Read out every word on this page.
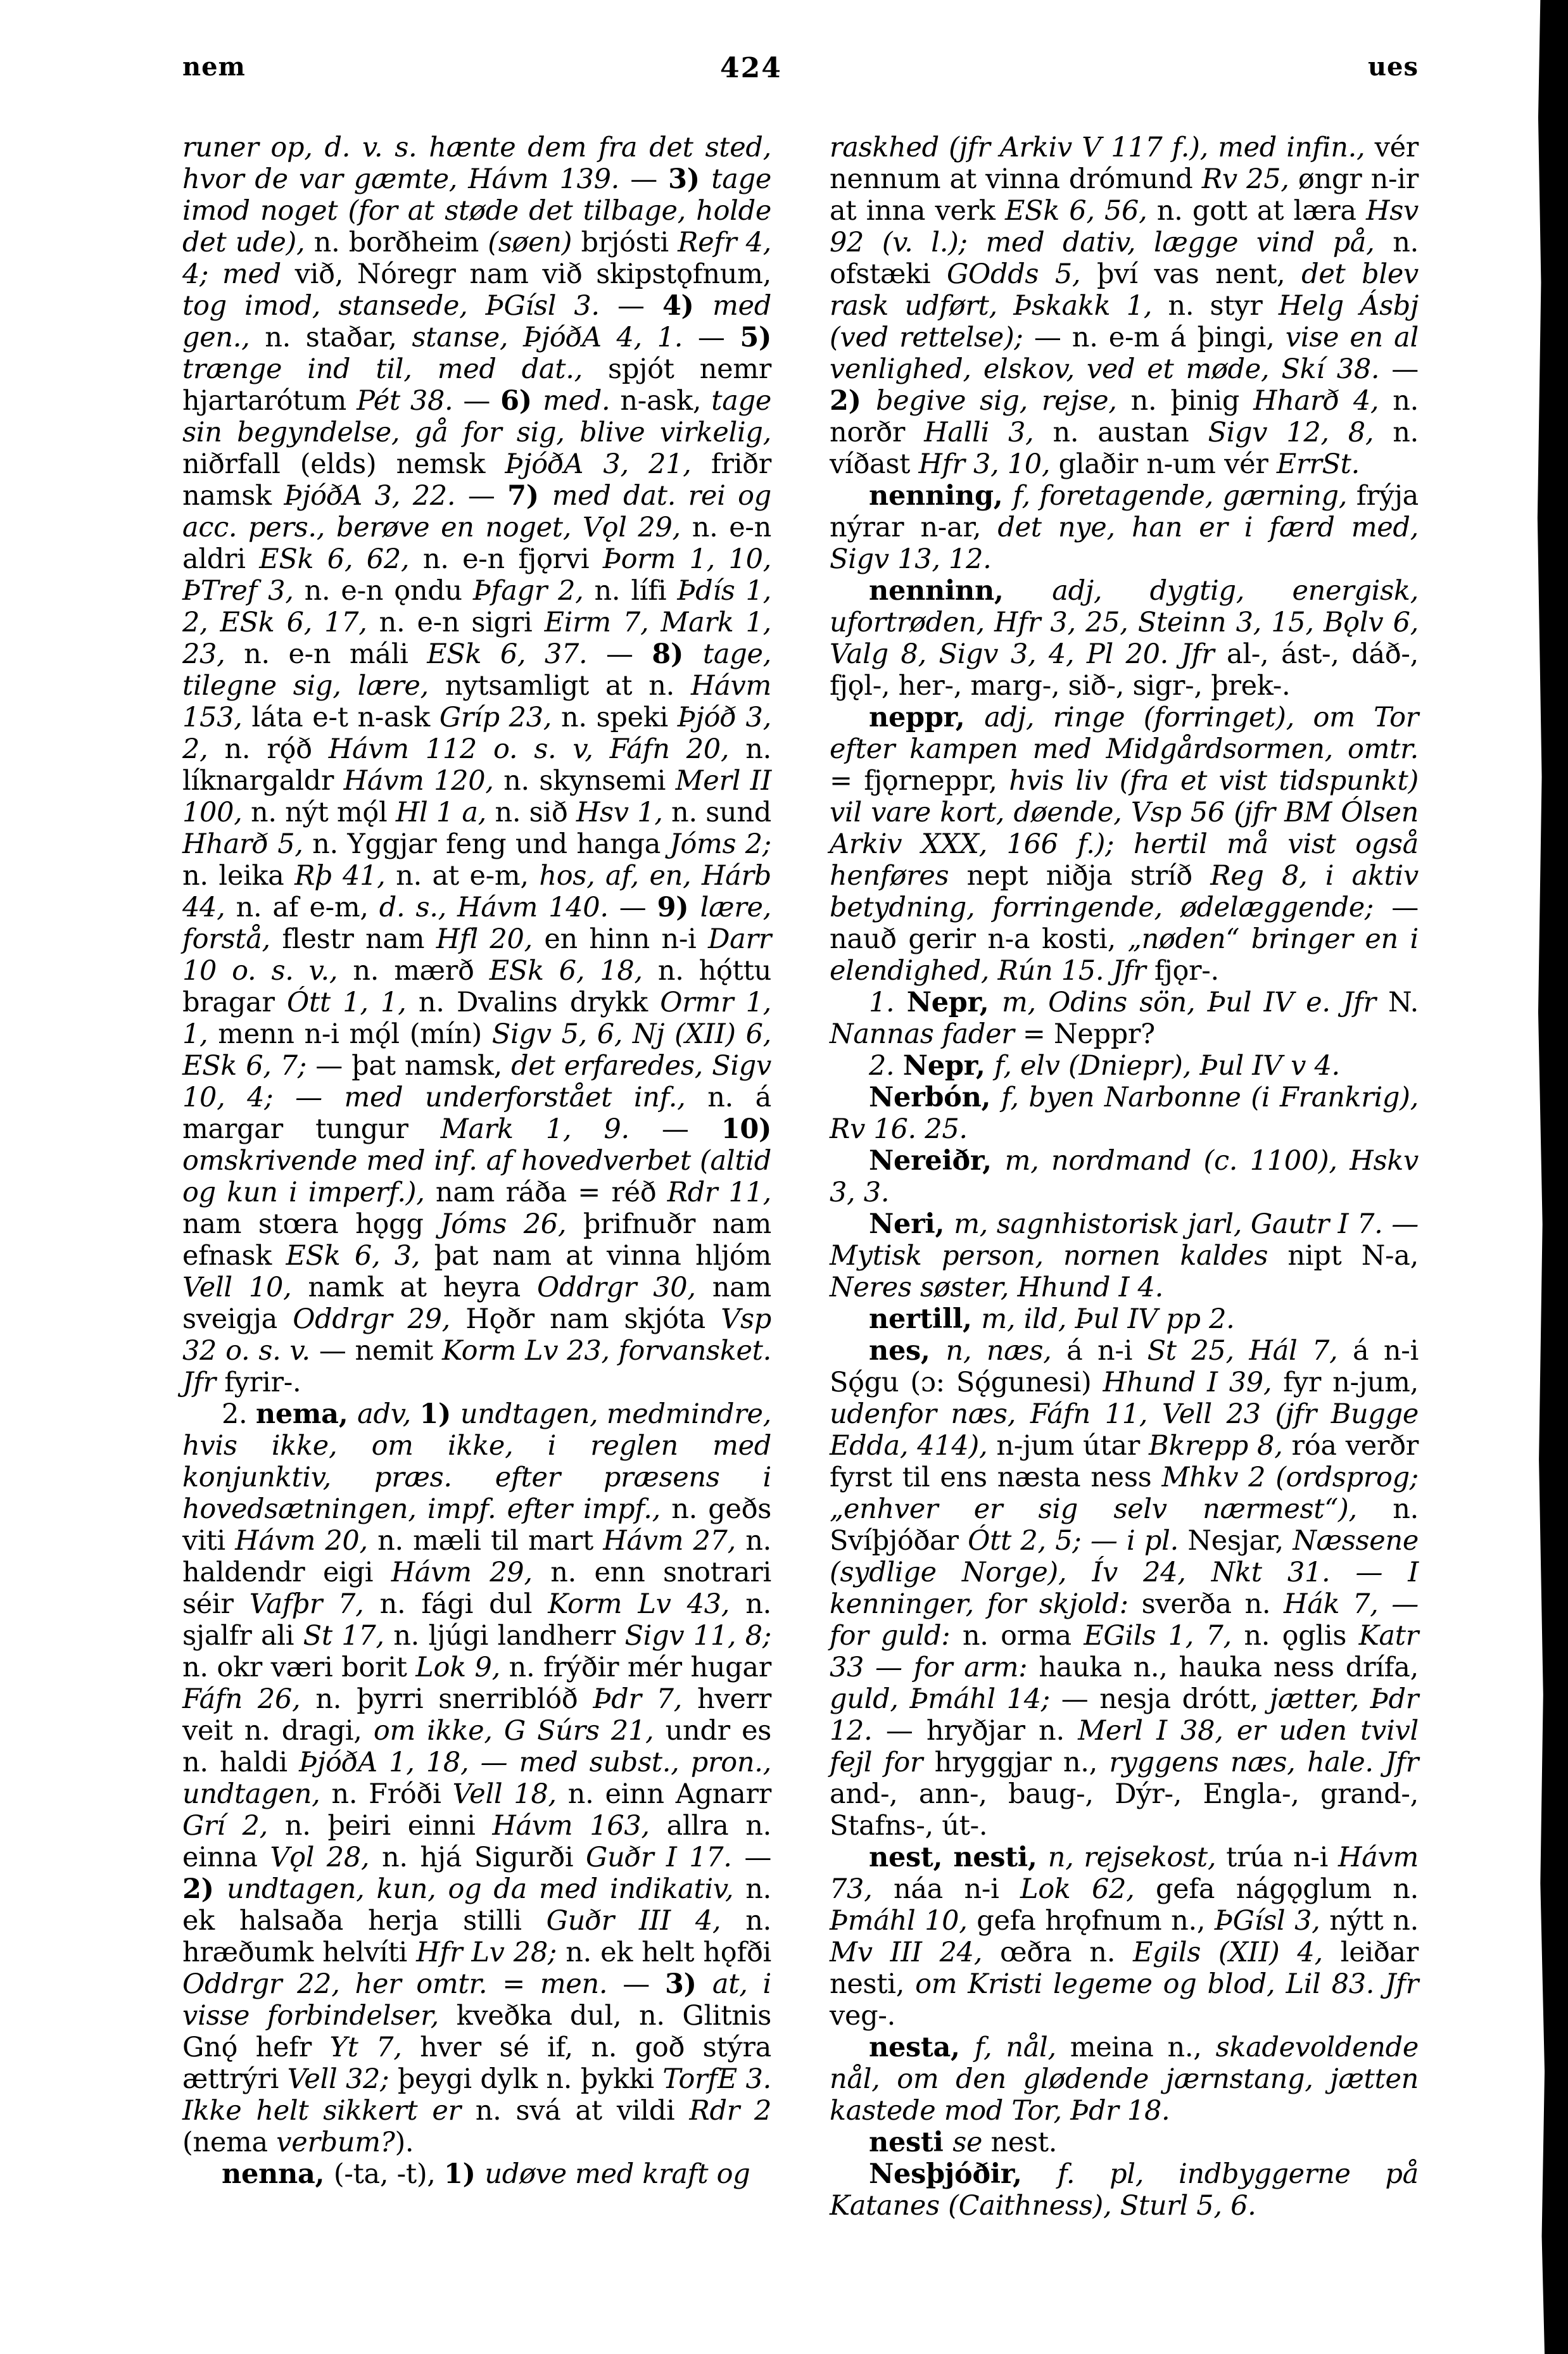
nem	424	ues

runer op, d. v. s. hænte dem fra det sted, hvor de var gæmte, Hávm 139. — 3) tage imod noget (for at støde det tilbage, holde det ude), n. borðheim (søen) brjósti Refr 4, 4; med við, Nóregr nam við skipstǫfnum, tog imod, stansede, ÞGísl 3. — 4) med gen., n. staðar, stanse, ÞjóðA 4, 1. — 5) trænge ind til, med dat., spjót nemr hjartarótum Pét 38. — 6) med. n-ask, tage sin begyndelse, gå for sig, blive virkelig, niðrfall (elds) nemsk ÞjóðA 3, 21, friðr namsk ÞjóðA 3, 22. — 7) med dat. rei og acc. pers., berøve en noget, Vǫl 29, n. e-n aldri ESk 6, 62, n. e-n fjǫrvi Þorm 1, 10, ÞTref 3, n. e-n ǫndu Þfagr 2, n. lífi Þdís 1, 2, ESk 6, 17, n. e-n sigri Eirm 7, Mark 1, 23, n. e-n máli ESk 6, 37. — 8) tage, tilegne sig, lære, nytsamligt at n. Hávm 153, láta e-t n-ask Gríp 23, n. speki Þjóð 3, 2, n. rǫ́ð Hávm 112 o. s. v, Fáfn 20, n. líknargaldr Hávm 120, n. skynsemi Merl II 100, n. nýt mǫ́l Hl 1 a, n. sið Hsv 1, n. sund Hharð 5, n. Yggjar feng und hanga Jóms 2; n. leika Rþ 41, n. at e-m, hos, af, en, Hárb 44, n. af e-m, d. s., Hávm 140. — 9) lære, forstå, flestr nam Hfl 20, en hinn n-i Darr 10 o. s. v., n. mærð ESk 6, 18, n. hǫ́ttu bragar Ótt 1, 1, n. Dvalins drykk Ormr 1, 1, menn n-i mǫ́l (mín) Sigv 5, 6, Nj (XII) 6, ESk 6, 7; — þat namsk, det erfaredes, Sigv 10, 4; — med underforstået inf., n. á margar tungur Mark 1, 9. — 10) omskrivende med inf. af hovedverbet (altid og kun i imperf.), nam ráða = réð Rdr 11, nam stœra hǫgg Jóms 26, þrifnuðr nam efnask ESk 6, 3, þat nam at vinna hljóm Vell 10, namk at heyra Oddrgr 30, nam sveigja Oddrgr 29, Hǫðr nam skjóta Vsp 32 o. s. v. — nemit Korm Lv 23, forvansket. Jfr fyrir-.

2. nema, adv, 1) undtagen, medmindre, hvis ikke, om ikke, i reglen med konjunktiv, præs. efter præsens i hovedsætningen, impf. efter impf., n. geðs viti Hávm 20, n. mæli til mart Hávm 27, n. haldendr eigi Hávm 29, n. enn snotrari séir Vafþr 7, n. fági dul Korm Lv 43, n. sjalfr ali St 17, n. ljúgi landherr Sigv 11, 8; n. okr væri borit Lok 9, n. frýðir mér hugar Fáfn 26, n. þyrri snerriblóð Þdr 7, hverr veit n. dragi, om ikke, G Súrs 21, undr es n. haldi ÞjóðA 1, 18, — med subst., pron., undtagen, n. Fróði Vell 18, n. einn Agnarr Grí 2, n. þeiri einni Hávm 163, allra n. einna Vǫl 28, n. hjá Sigurði Guðr I 17. — 2) undtagen, kun, og da med indikativ, n. ek halsaða herja stilli Guðr III 4, n. hræðumk helvíti Hfr Lv 28; n. ek helt hǫfði Oddrgr 22, her omtr. = men. — 3) at, i visse forbindelser, kveðka dul, n. Glitnis Gnǫ́ hefr Yt 7, hver sé if, n. goð stýra ættrýri Vell 32; þeygi dylk n. þykki TorfE 3. Ikke helt sikkert er n. svá at vildi Rdr 2 (nema verbum?).

nenna, (-ta, -t), 1) udøve med kraft og

raskhed (jfr Arkiv V 117 f.), med infin., vér nennum at vinna drómund Rv 25, øngr n-ir at inna verk ESk 6, 56, n. gott at læra Hsv 92 (v. l.); med dativ, lægge vind på, n. ofstæki GOdds 5, því vas nent, det blev rask udført, Þskakk 1, n. styr Helg Ásbj (ved rettelse); — n. e-m á þingi, vise en al venlighed, elskov, ved et møde, Skí 38. — 2) begive sig, rejse, n. þinig Hharð 4, n. norðr Halli 3, n. austan Sigv 12, 8, n. víðast Hfr 3, 10, glaðir n-um vér ErrSt.

nenning, f, foretagende, gærning, frýja nýrar n-ar, det nye, han er i færd med, Sigv 13, 12.

nenninn, adj, dygtig, energisk, ufortrøden, Hfr 3, 25, Steinn 3, 15, Bǫlv 6, Valg 8, Sigv 3, 4, Pl 20. Jfr al-, ást-, dáð-, fjǫl-, her-, marg-, sið-, sigr-, þrek-.

neppr, adj, ringe (forringet), om Tor efter kampen med Midgårdsormen, omtr. = fjǫrneppr, hvis liv (fra et vist tidspunkt) vil vare kort, døende, Vsp 56 (jfr BM Ólsen Arkiv XXX, 166 f.); hertil må vist også henføres nept niðja stríð Reg 8, i aktiv betydning, forringende, ødelæggende; — nauð gerir n-a kosti, „nøden“ bringer en i elendighed, Rún 15. Jfr fjǫr-.

1. Nepr, m, Odins sön, Þul IV e. Jfr N. Nannas fader = Neppr?

2. Nepr, f, elv (Dniepr), Þul IV v 4.

Nerbón, f, byen Narbonne (i Frankrig), Rv 16. 25.

Nereiðr, m, nordmand (c. 1100), Hskv 3, 3.

Neri, m, sagnhistorisk jarl, Gautr I 7. — Mytisk person, nornen kaldes nipt N-a, Neres søster, Hhund I 4.

nertill, m, ild, Þul IV pp 2.

nes, n, næs, á n-i St 25, Hál 7, á n-i Sǫ́gu (ɔ: Sǫ́gunesi) Hhund I 39, fyr n-jum, udenfor næs, Fáfn 11, Vell 23 (jfr Bugge Edda, 414), n-jum útar Bkrepp 8, róa verðr fyrst til ens næsta ness Mhkv 2 (ordsprog; „enhver er sig selv nærmest“), n. Svíþjóðar Ótt 2, 5; — i pl. Nesjar, Næssene (sydlige Norge), Ív 24, Nkt 31. — I kenninger, for skjold: sverða n. Hák 7, — for guld: n. orma EGils 1, 7, n. ǫglis Katr 33 — for arm: hauka n., hauka ness drífa, guld, Þmáhl 14; — nesja drótt, jætter, Þdr 12. — hryðjar n. Merl I 38, er uden tvivl fejl for hryggjar n., ryggens næs, hale. Jfr and-, ann-, baug-, Dýr-, Engla-, grand-, Stafns-, út-.

nest, nesti, n, rejsekost, trúa n-i Hávm 73, náa n-i Lok 62, gefa nágǫglum n. Þmáhl 10, gefa hrǫfnum n., ÞGísl 3, nýtt n. Mv III 24, œðra n. Egils (XII) 4, leiðar nesti, om Kristi legeme og blod, Lil 83. Jfr veg-.

nesta, f, nål, meina n., skadevoldende nål, om den glødende jærnstang, jætten kastede mod Tor, Þdr 18.

nesti se nest.

Nesþjóðir, f. pl, indbyggerne på Katanes (Caithness), Sturl 5, 6.
